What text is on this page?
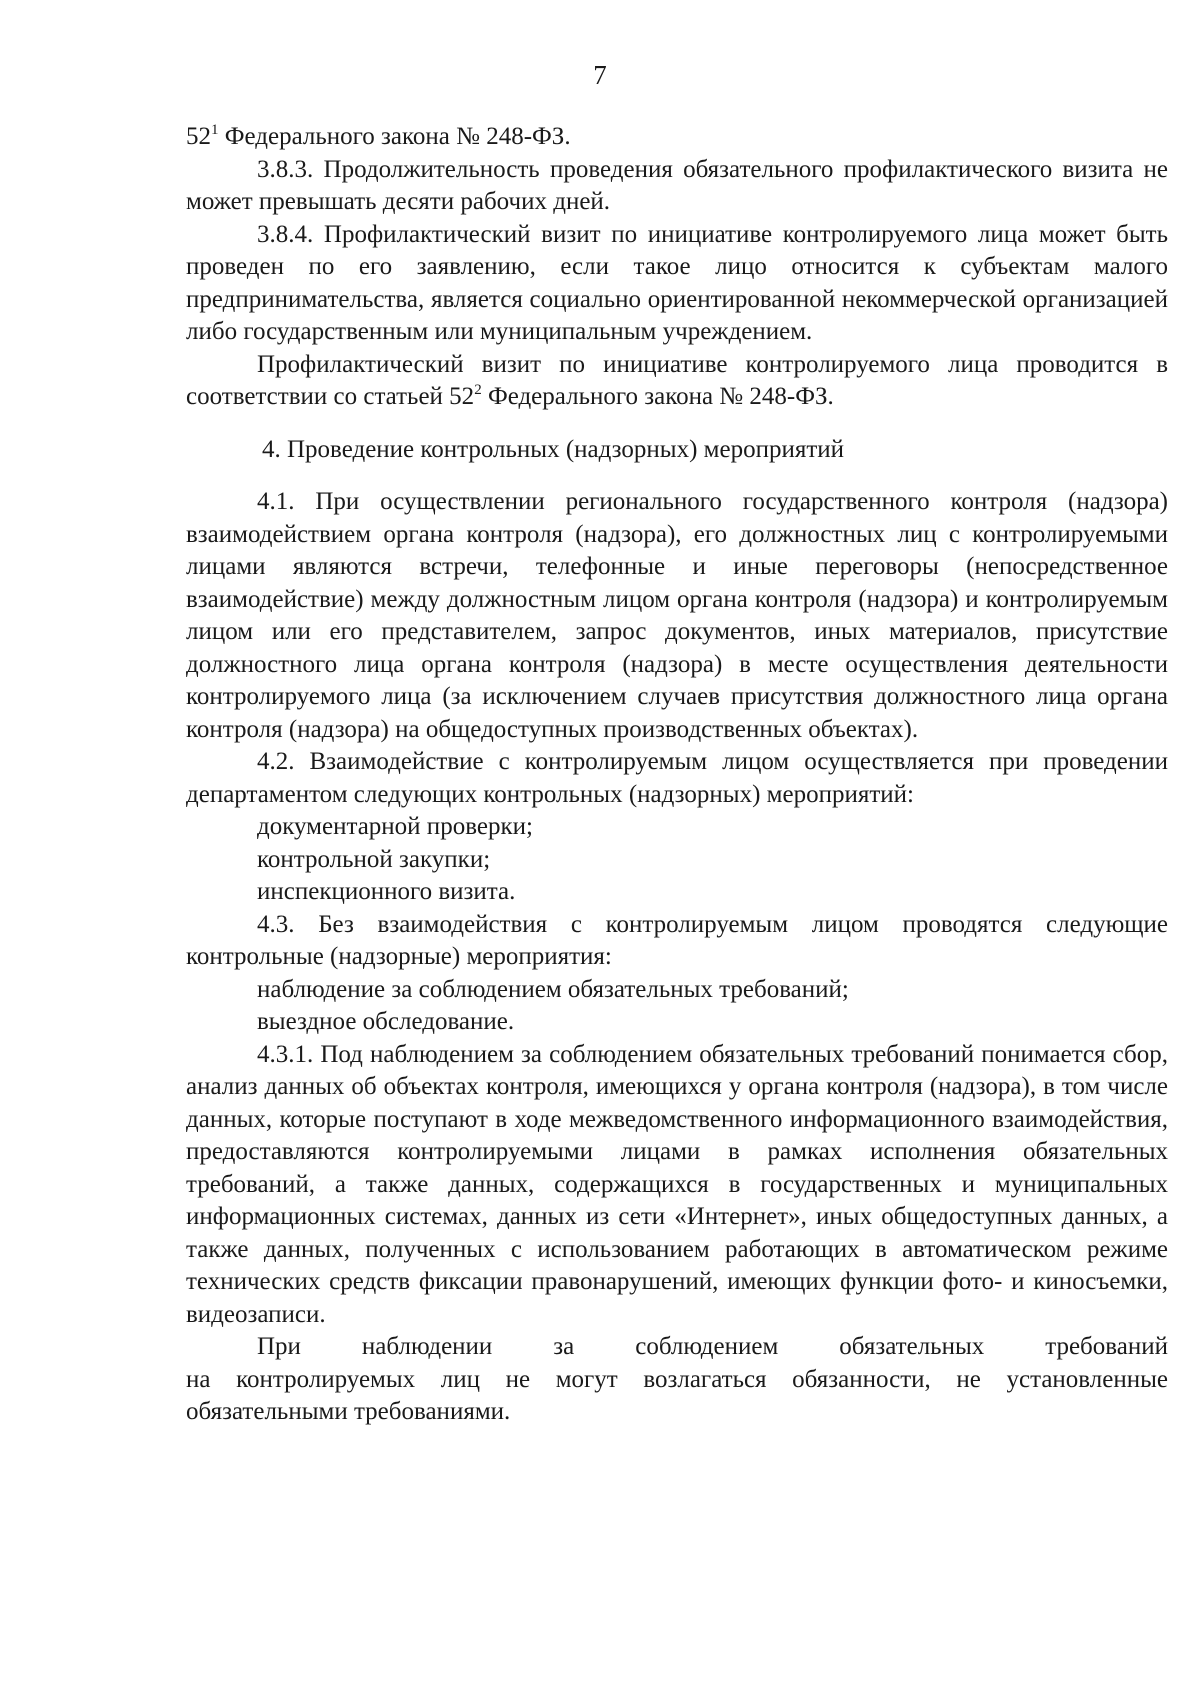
7

$52^1$ Федерального закона № 248-ФЗ.

3.8.3. Продолжительность проведения обязательного профилактического визита не может превышать десяти рабочих дней.

3.8.4. Профилактический визит по инициативе контролируемого лица может быть проведен по его заявлению, если такое лицо относится к субъектам малого предпринимательства, является социально ориентированной некоммерческой организацией либо государственным или муниципальным учреждением.

Профилактический визит по инициативе контролируемого лица проводится в соответствии со статьей $52^2$ Федерального закона № 248-ФЗ.

4. Проведение контрольных (надзорных) мероприятий

4.1. При осуществлении регионального государственного контроля (надзора) взаимодействием органа контроля (надзора), его должностных лиц с контролируемыми лицами являются встречи, телефонные и иные переговоры (непосредственное взаимодействие) между должностным лицом органа контроля (надзора) и контролируемым лицом или его представителем, запрос документов, иных материалов, присутствие должностного лица органа контроля (надзора) в месте осуществления деятельности контролируемого лица (за исключением случаев присутствия должностного лица органа контроля (надзора) на общедоступных производственных объектах).

4.2. Взаимодействие с контролируемым лицом осуществляется при проведении департаментом следующих контрольных (надзорных) мероприятий:

документарной проверки;

контрольной закупки;

инспекционного визита.

4.3. Без взаимодействия с контролируемым лицом проводятся следующие контрольные (надзорные) мероприятия:

наблюдение за соблюдением обязательных требований;

выездное обследование.

4.3.1. Под наблюдением за соблюдением обязательных требований понимается сбор, анализ данных об объектах контроля, имеющихся у органа контроля (надзора), в том числе данных, которые поступают в ходе межведомственного информационного взаимодействия, предоставляются контролируемыми лицами в рамках исполнения обязательных требований, а также данных, содержащихся в государственных и муниципальных информационных системах, данных из сети «Интернет», иных общедоступных данных, а также данных, полученных с использованием работающих в автоматическом режиме технических средств фиксации правонарушений, имеющих функции фото- и киносъемки, видеозаписи.

При наблюдении за соблюдением обязательных требований

на контролируемых лиц не могут возлагаться обязанности, не установленные обязательными требованиями.
